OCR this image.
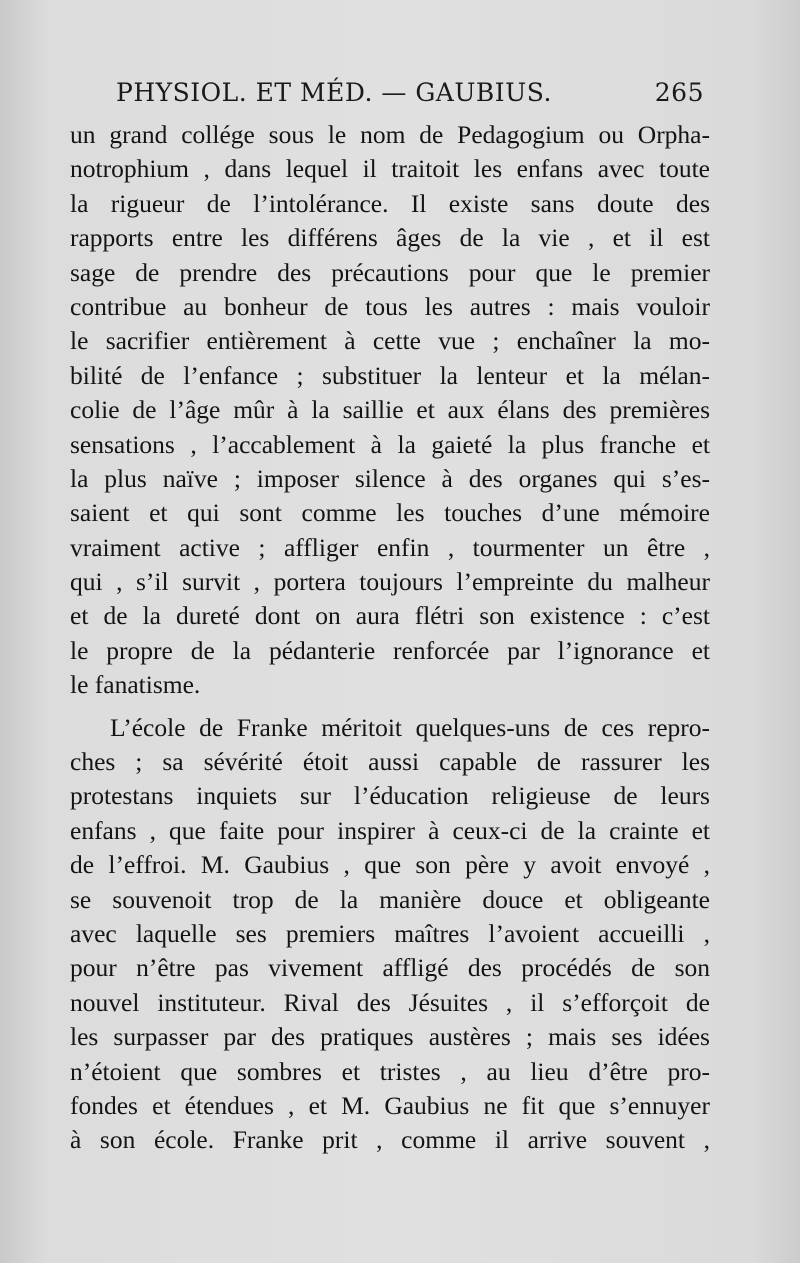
PHYSIOL. ET MÉD. — GAUBIUS.	265
un grand collége sous le nom de Pedagogium ou Orpha-
notrophium , dans lequel il traitoit les enfans avec toute
la rigueur de l’intolérance. Il existe sans doute des
rapports entre les différens âges de la vie , et il est
sage de prendre des précautions pour que le premier
contribue au bonheur de tous les autres : mais vouloir
le sacrifier entièrement à cette vue ; enchaîner la mo-
bilité de l’enfance ; substituer la lenteur et la mélan-
colie de l’âge mûr à la saillie et aux élans des premières
sensations , l’accablement à la gaieté la plus franche et
la plus naïve ; imposer silence à des organes qui s’es-
saient et qui sont comme les touches d’une mémoire
vraiment active ; affliger enfin , tourmenter un être ,
qui , s’il survit , portera toujours l’empreinte du malheur
et de la dureté dont on aura flétri son existence : c’est
le propre de la pédanterie renforcée par l’ignorance et
le fanatisme.
L’école de Franke méritoit quelques-uns de ces repro-
ches ; sa sévérité étoit aussi capable de rassurer les
protestans inquiets sur l’éducation religieuse de leurs
enfans , que faite pour inspirer à ceux-ci de la crainte et
de l’effroi. M. Gaubius , que son père y avoit envoyé ,
se souvenoit trop de la manière douce et obligeante
avec laquelle ses premiers maîtres l’avoient accueilli ,
pour n’être pas vivement affligé des procédés de son
nouvel instituteur. Rival des Jésuites , il s’efforçoit de
les surpasser par des pratiques austères ; mais ses idées
n’étoient que sombres et tristes , au lieu d’être pro-
fondes et étendues , et M. Gaubius ne fit que s’ennuyer
à son école. Franke prit , comme il arrive souvent ,
